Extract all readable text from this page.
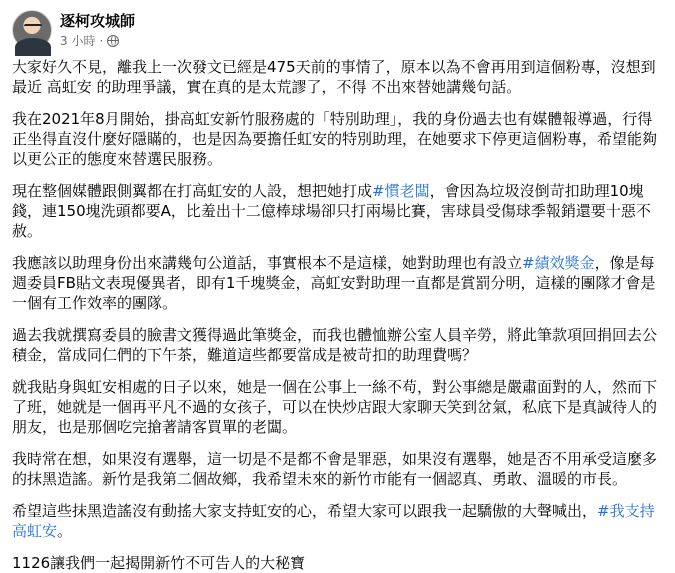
逐柯攻城師
3 小時 ·
大家好久不見，離我上一次發文已經是475天前的事情了，原本以為不會再用到這個粉專，沒想到最近 高虹安 的助理爭議，實在真的是太荒謬了，不得 不出來替她講幾句話。
我在2021年8月開始，掛高虹安新竹服務處的「特別助理」，我的身份過去也有媒體報導過，行得正坐得直沒什麼好隱瞞的，也是因為要擔任虹安的特別助理，在她要求下停更這個粉專，希望能夠以更公正的態度來替選民服務。
現在整個媒體跟側翼都在打高虹安的人設，想把她打成#慣老闆，會因為垃圾沒倒苛扣助理10塊錢，連150塊洗頭都要A，比羞出十二億棒球場卻只打兩場比賽，害球員受傷球季報銷還要十惡不赦。
我應該以助理身份出來講幾句公道話，事實根本不是這樣，她對助理也有設立#績效獎金，像是每週委員FB貼文表現優異者，即有1千塊獎金，高虹安對助理一直都是賞罰分明，這樣的團隊才會是一個有工作效率的團隊。
過去我就撰寫委員的臉書文獲得過此筆獎金，而我也體恤辦公室人員辛勞，將此筆款項回捐回去公積金，當成同仁們的下午茶，難道這些都要當成是被苛扣的助理費嗎？
就我貼身與虹安相處的日子以來，她是一個在公事上一絲不苟，對公事總是嚴肅面對的人，然而下了班，她就是一個再平凡不過的女孩子，可以在快炒店跟大家聊天笑到岔氣，私底下是真誠待人的朋友，也是那個吃完搶著請客買單的老闆。
我時常在想，如果沒有選舉，這一切是不是都不會是罪惡，如果沒有選舉，她是否不用承受這麼多的抹黑造謠。新竹是我第二個故鄉，我希望未來的新竹市能有一個認真、勇敢、溫暖的市長。
希望這些抹黑造謠沒有動搖大家支持虹安的心，希望大家可以跟我一起驕傲的大聲喊出，#我支持高虹安。
1126讓我們一起揭開新竹不可告人的大秘寶
